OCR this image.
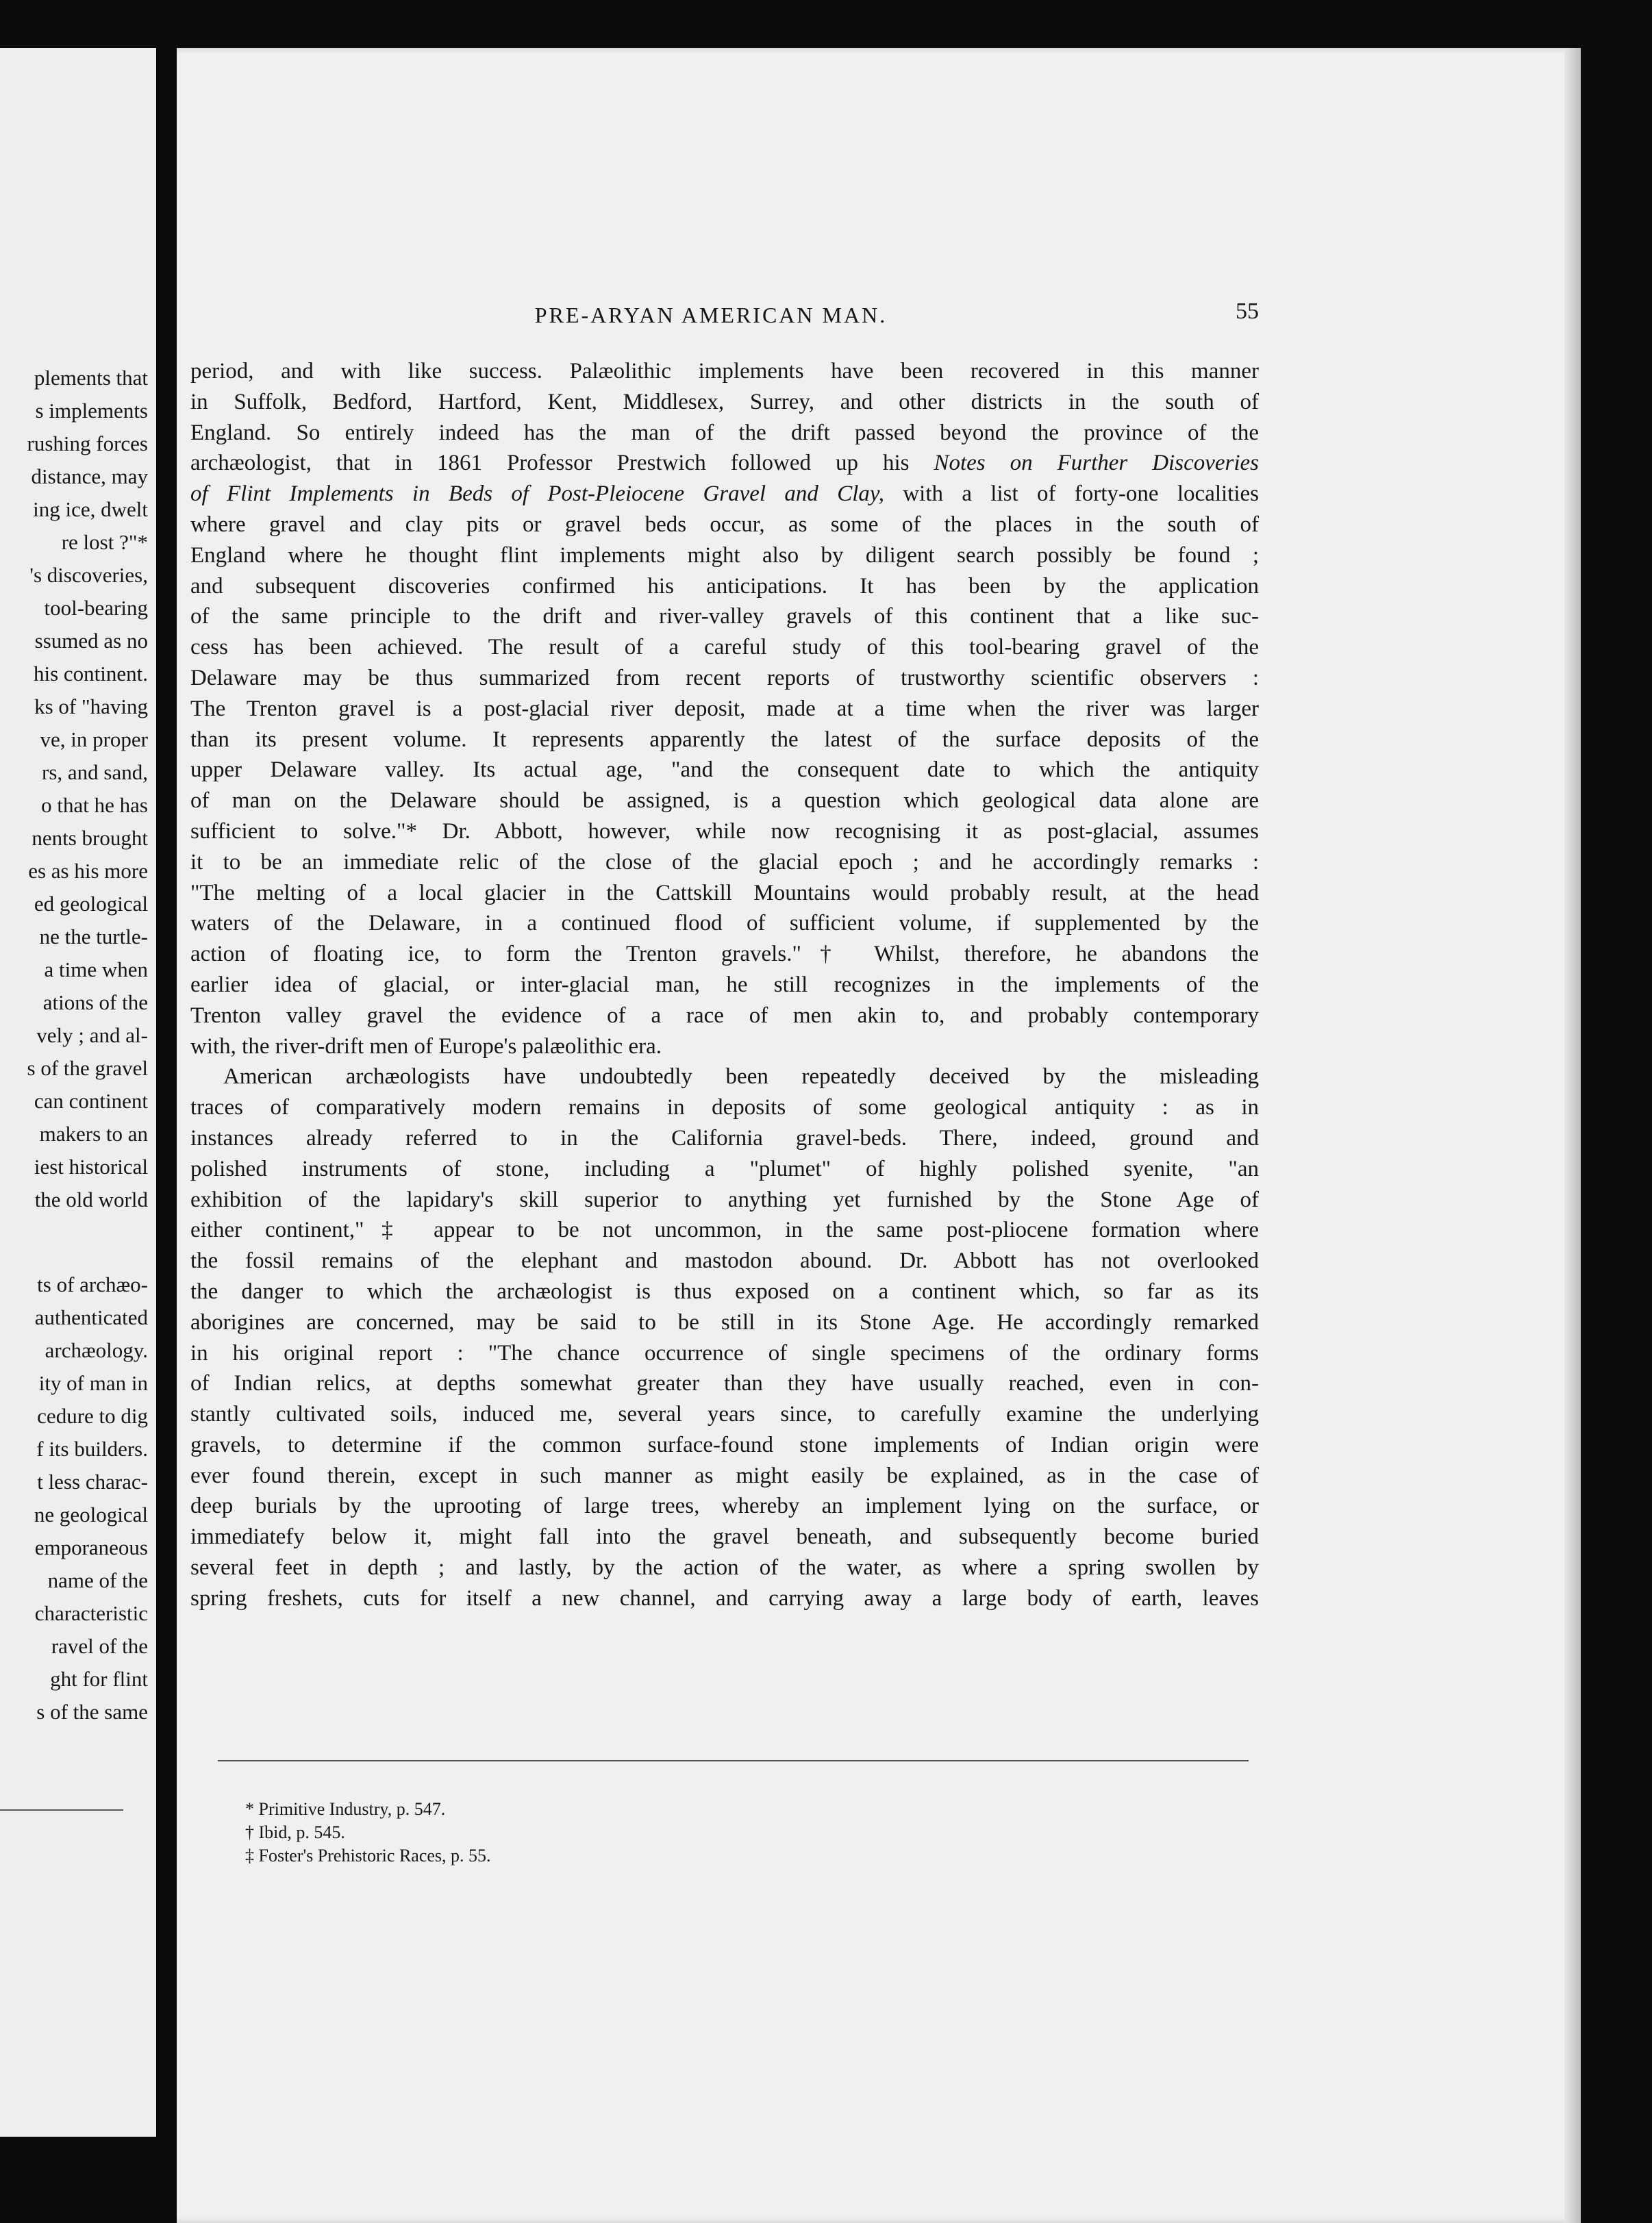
plements that
s implements
rushing forces
distance, may
ing ice, dwelt
re lost ?"*
's discoveries,
tool-bearing
ssumed as no
his continent.
ks of "having
ve, in proper
rs, and sand,
o that he has
nents brought
es as his more
ed geological
ne the turtle-
a time when
ations of the
vely ; and al-
s of the gravel
can continent
makers to an
iest historical
the old world
ts of archæo-
authenticated
archæology.
ity of man in
cedure to dig
f its builders.
t less charac-
ne geological
emporaneous
name of the
characteristic
ravel of the
ght for flint
s of the same
PRE-ARYAN AMERICAN MAN.	55
period, and with like success. Palæolithic implements have been recovered in this manner
in Suffolk, Bedford, Hartford, Kent, Middlesex, Surrey, and other districts in the south of
England. So entirely indeed has the man of the drift passed beyond the province of the
archæologist, that in 1861 Professor Prestwich followed up his Notes on Further Discoveries
of Flint Implements in Beds of Post-Pleiocene Gravel and Clay, with a list of forty-one localities
where gravel and clay pits or gravel beds occur, as some of the places in the south of
England where he thought flint implements might also by diligent search possibly be found ;
and subsequent discoveries confirmed his anticipations. It has been by the application
of the same principle to the drift and river-valley gravels of this continent that a like suc-
cess has been achieved. The result of a careful study of this tool-bearing gravel of the
Delaware may be thus summarized from recent reports of trustworthy scientific observers :
The Trenton gravel is a post-glacial river deposit, made at a time when the river was larger
than its present volume. It represents apparently the latest of the surface deposits of the
upper Delaware valley. Its actual age, "and the consequent date to which the antiquity
of man on the Delaware should be assigned, is a question which geological data alone are
sufficient to solve."* Dr. Abbott, however, while now recognising it as post-glacial, assumes
it to be an immediate relic of the close of the glacial epoch ; and he accordingly remarks :
"The melting of a local glacier in the Cattskill Mountains would probably result, at the head
waters of the Delaware, in a continued flood of sufficient volume, if supplemented by the
action of floating ice, to form the Trenton gravels."† Whilst, therefore, he abandons the
earlier idea of glacial, or inter-glacial man, he still recognizes in the implements of the
Trenton valley gravel the evidence of a race of men akin to, and probably contemporary
with, the river-drift men of Europe's palæolithic era.
American archæologists have undoubtedly been repeatedly deceived by the misleading
traces of comparatively modern remains in deposits of some geological antiquity : as in
instances already referred to in the California gravel-beds. There, indeed, ground and
polished instruments of stone, including a "plumet" of highly polished syenite, "an
exhibition of the lapidary's skill superior to anything yet furnished by the Stone Age of
either continent,"‡ appear to be not uncommon, in the same post-pliocene formation where
the fossil remains of the elephant and mastodon abound. Dr. Abbott has not overlooked
the danger to which the archæologist is thus exposed on a continent which, so far as its
aborigines are concerned, may be said to be still in its Stone Age. He accordingly remarked
in his original report : "The chance occurrence of single specimens of the ordinary forms
of Indian relics, at depths somewhat greater than they have usually reached, even in con-
stantly cultivated soils, induced me, several years since, to carefully examine the underlying
gravels, to determine if the common surface-found stone implements of Indian origin were
ever found therein, except in such manner as might easily be explained, as in the case of
deep burials by the uprooting of large trees, whereby an implement lying on the surface, or
immediatefy below it, might fall into the gravel beneath, and subsequently become buried
several feet in depth ; and lastly, by the action of the water, as where a spring swollen by
spring freshets, cuts for itself a new channel, and carrying away a large body of earth, leaves
* Primitive Industry, p. 547.
† Ibid, p. 545.
‡ Foster's Prehistoric Races, p. 55.
